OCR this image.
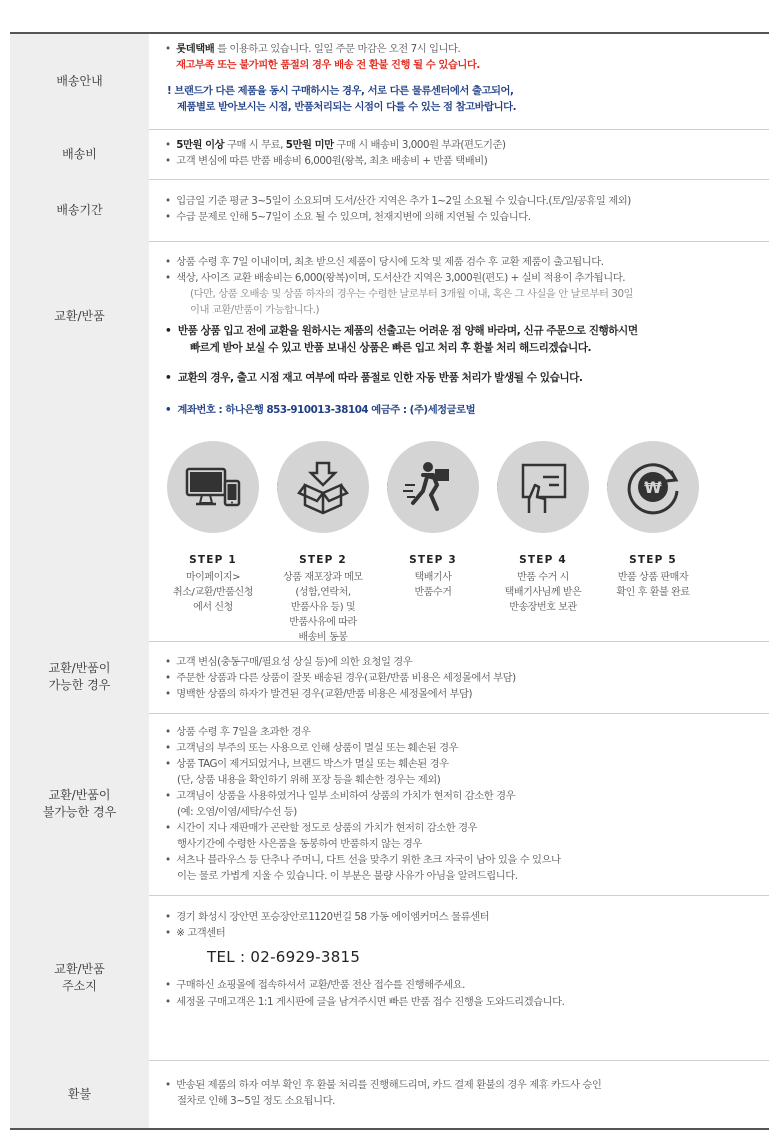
배송안내
• 롯데택배 를 이용하고 있습니다. 일일 주문 마감은 오전 7시 입니다.
재고부족 또는 불가피한 품절의 경우 배송 전 환불 진행 될 수 있습니다.
! 브랜드가 다른 제품을 동시 구매하시는 경우, 서로 다른 물류센터에서 출고되어,
제품별로 받아보시는 시점, 반품처리되는 시점이 다를 수 있는 점 참고바랍니다.
배송비
• 5만원 이상 구매 시 무료, 5만원 미만 구매 시 배송비 3,000원 부과(편도기준)
• 고객 변심에 따른 반품 배송비 6,000원(왕복, 최초 배송비 + 반품 택배비)
배송기간
• 입금일 기준 평균 3~5일이 소요되며 도서/산간 지역은 추가 1~2일 소요될 수 있습니다.(토/일/공휴일 제외)
• 수급 문제로 인해 5~7일이 소요 될 수 있으며, 천재지변에 의해 지연될 수 있습니다.
교환/반품
• 상품 수령 후 7일 이내이며, 최초 받으신 제품이 당시에 도착 및 제품 검수 후 교환 제품이 출고됩니다.
• 색상, 사이즈 교환 배송비는 6,000(왕복)이며, 도서산간 지역은 3,000원(편도) + 실비 적용이 추가됩니다.
(다만, 상품 오배송 및 상품 하자의 경우는 수령한 날로부터 3개월 이내, 혹은 그 사실을 안 날로부터 30일
이내 교환/반품이 가능합니다.)
• 반품 상품 입고 전에 교환을 원하시는 제품의 선출고는 어려운 점 양해 바라며, 신규 주문으로 진행하시면
빠르게 받아 보실 수 있고 반품 보내신 상품은 빠른 입고 처리 후 환불 처리 해드리겠습니다.
• 교환의 경우, 출고 시점 재고 여부에 따라 품절로 인한 자동 반품 처리가 발생될 수 있습니다.
• 계좌번호 : 하나은행 853-910013-38104 예금주 : (주)세정글로벌
STEP 1
마이페이지>
취소/교환/반품신청
에서 신청
STEP 2
상품 재포장과 메모
(성함,연락처,
반품사유 등) 및
반품사유에 따라
배송비 동봉
STEP 3
택배기사
반품수거
STEP 4
반품 수거 시
택배기사님께 받은
반송장번호 보관
₩
STEP 5
반품 상품 판매자
확인 후 환불 완료
교환/반품이
가능한 경우
• 고객 변심(충동구매/필요성 상실 등)에 의한 요청일 경우
• 주문한 상품과 다른 상품이 잘못 배송된 경우(교환/반품 비용은 세정몰에서 부담)
• 명백한 상품의 하자가 발견된 경우(교환/반품 비용은 세정몰에서 부담)
교환/반품이
불가능한 경우
• 상품 수령 후 7일을 초과한 경우
• 고객님의 부주의 또는 사용으로 인해 상품이 멸실 또는 훼손된 경우
• 상품 TAG이 제거되었거나, 브랜드 박스가 멸실 또는 훼손된 경우
(단, 상품 내용을 확인하기 위해 포장 등을 훼손한 경우는 제외)
• 고객님이 상품을 사용하였거나 일부 소비하여 상품의 가치가 현저히 감소한 경우
(예: 오염/이염/세탁/수선 등)
• 시간이 지나 재판매가 곤란할 정도로 상품의 가치가 현저히 감소한 경우
행사기간에 수령한 사은품을 동봉하여 반품하지 않는 경우
• 셔츠나 블라우스 등 단추나 주머니, 다트 선을 맞추기 위한 초크 자국이 남아 있을 수 있으나
이는 물로 가볍게 지울 수 있습니다. 이 부분은 불량 사유가 아님을 알려드립니다.
교환/반품
주소지
• 경기 화성시 장안면 포승장안로1120번길 58 가동 에이엠커머스 물류센터
• ※ 고객센터
TEL : 02-6929-3815
• 구매하신 쇼핑몰에 접속하셔서 교환/반품 전산 접수를 진행해주세요.
• 세정몰 구매고객은 1:1 게시판에 글을 남겨주시면 빠른 반품 접수 진행을 도와드리겠습니다.
환불
• 반송된 제품의 하자 여부 확인 후 환불 처리를 진행해드리며, 카드 결제 환불의 경우 제휴 카드사 승인
절차로 인해 3~5일 정도 소요됩니다.
